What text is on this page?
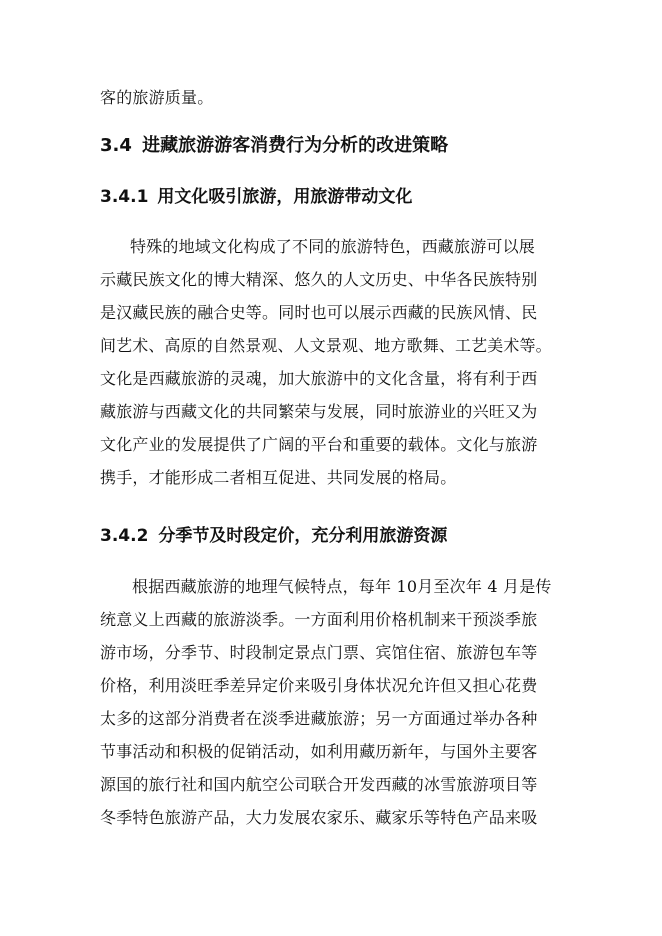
客的旅游质量。
3.4 进藏旅游游客消费行为分析的改进策略
3.4.1 用文化吸引旅游，用旅游带动文化
特殊的地域文化构成了不同的旅游特色，西藏旅游可以展
示藏民族文化的博大精深、悠久的人文历史、中华各民族特别
是汉藏民族的融合史等。同时也可以展示西藏的民族风情、民
间艺术、高原的自然景观、人文景观、地方歌舞、工艺美术等。
文化是西藏旅游的灵魂，加大旅游中的文化含量，将有利于西
藏旅游与西藏文化的共同繁荣与发展，同时旅游业的兴旺又为
文化产业的发展提供了广阔的平台和重要的载体。文化与旅游
携手，才能形成二者相互促进、共同发展的格局。
3.4.2 分季节及时段定价，充分利用旅游资源
根据西藏旅游的地理气候特点，每年 10月至次年 4 月是传
统意义上西藏的旅游淡季。一方面利用价格机制来干预淡季旅
游市场，分季节、时段制定景点门票、宾馆住宿、旅游包车等
价格，利用淡旺季差异定价来吸引身体状况允许但又担心花费
太多的这部分消费者在淡季进藏旅游；另一方面通过举办各种
节事活动和积极的促销活动，如利用藏历新年，与国外主要客
源国的旅行社和国内航空公司联合开发西藏的冰雪旅游项目等
冬季特色旅游产品，大力发展农家乐、藏家乐等特色产品来吸
